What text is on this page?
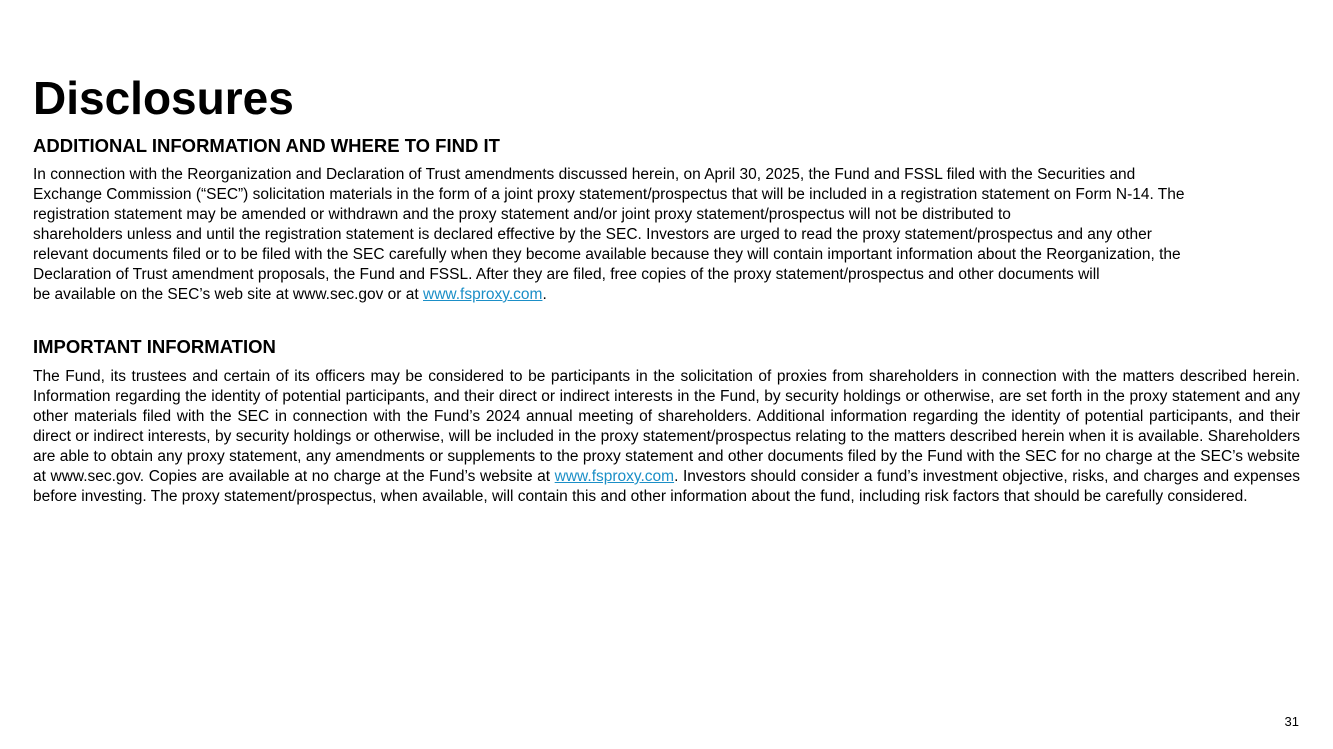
Disclosures
ADDITIONAL INFORMATION AND WHERE TO FIND IT

In connection with the Reorganization and Declaration of Trust amendments discussed herein, on April 30, 2025, the Fund and FSSL filed with the Securities and
Exchange Commission (“SEC”) solicitation materials in the form of a joint proxy statement/prospectus that will be included in a registration statement on Form N-14. The
registration statement may be amended or withdrawn and the proxy statement and/or joint proxy statement/prospectus will not be distributed to
shareholders unless and until the registration statement is declared effective by the SEC. Investors are urged to read the proxy statement/prospectus and any other
relevant documents filed or to be filed with the SEC carefully when they become available because they will contain important information about the Reorganization, the
Declaration of Trust amendment proposals, the Fund and FSSL. After they are filed, free copies of the proxy statement/prospectus and other documents will
be available on the SEC’s web site at www.sec.gov or at www.fsproxy.com.

IMPORTANT INFORMATION

The Fund, its trustees and certain of its officers may be considered to be participants in the solicitation of proxies from shareholders in connection with the matters described herein. Information regarding the identity of potential participants, and their direct or indirect interests in the Fund, by security holdings or otherwise, are set forth in the proxy statement and any other materials filed with the SEC in connection with the Fund’s 2024 annual meeting of shareholders. Additional information regarding the identity of potential participants, and their direct or indirect interests, by security holdings or otherwise, will be included in the proxy statement/prospectus relating to the matters described herein when it is available. Shareholders are able to obtain any proxy statement, any amendments or supplements to the proxy statement and other documents filed by the Fund with the SEC for no charge at the SEC’s website at www.sec.gov. Copies are available at no charge at the Fund’s website at www.fsproxy.com. Investors should consider a fund’s investment objective, risks, and charges and expenses before investing. The proxy statement/prospectus, when available, will contain this and other information about the fund, including risk factors that should be carefully considered.

31
